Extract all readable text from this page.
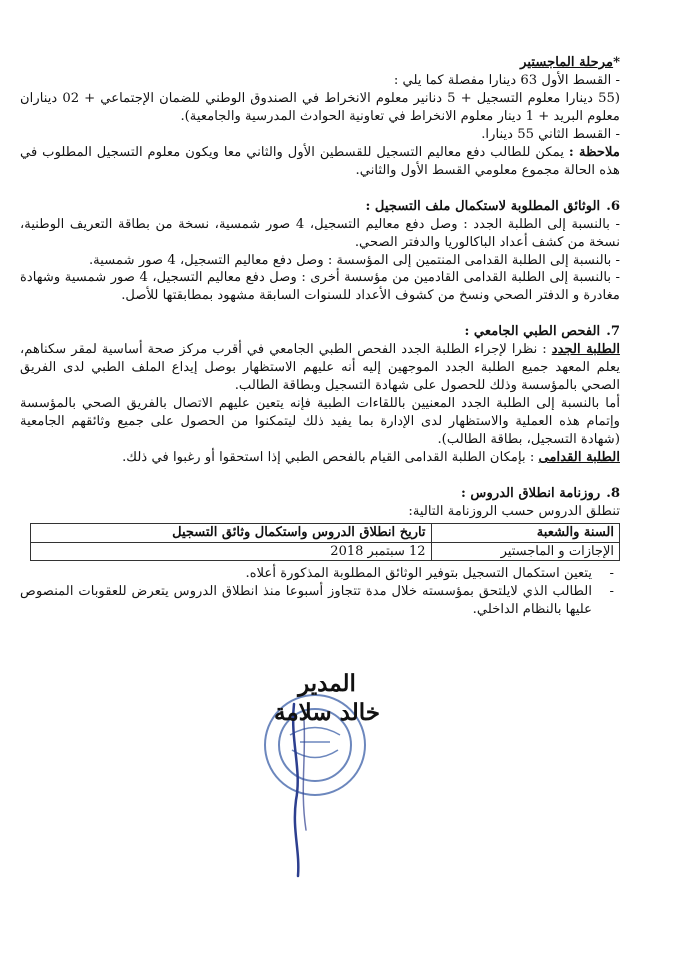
*مرحلة الماجستير

- القسط الأول 63 دينارا مفصلة كما يلي :

(55 دينارا معلوم التسجيل + 5 دنانير معلوم الانخراط في الصندوق الوطني للضمان الإجتماعي + 02 ديناران معلوم البريد + 1 دينار معلوم الانخراط في تعاونية الحوادث المدرسية والجامعية).

- القسط الثاني 55 دينارا.

ملاحظة : يمكن للطالب دفع معاليم التسجيل للقسطين الأول والثاني معا ويكون معلوم التسجيل المطلوب في هذه الحالة مجموع معلومي القسط الأول والثاني.

6.الوثائق المطلوبة لاستكمال ملف التسجيل :

- بالنسبة إلى الطلبة الجدد : وصل دفع معاليم التسجيل، 4 صور شمسية، نسخة من بطاقة التعريف الوطنية، نسخة من كشف أعداد الباكالوريا والدفتر الصحي.

- بالنسبة إلى الطلبة القدامى المنتمين إلى المؤسسة : وصل دفع معاليم التسجيل، 4 صور شمسية.

- بالنسبة إلى الطلبة القدامى القادمين من مؤسسة أخرى : وصل دفع معاليم التسجيل، 4 صور شمسية وشهادة مغادرة و الدفتر الصحي ونسخ من كشوف الأعداد للسنوات السابقة مشهود بمطابقتها للأصل.

7.الفحص الطبي الجامعي :

الطلبة الجدد : نظرا لإجراء الطلبة الجدد الفحص الطبي الجامعي في أقرب مركز صحة أساسية لمقر سكناهم، يعلم المعهد جميع الطلبة الجدد الموجهين إليه أنه عليهم الاستظهار بوصل إيداع الملف الطبي لدى الفريق الصحي بالمؤسسة وذلك للحصول على شهادة التسجيل وبطاقة الطالب.

أما بالنسبة إلى الطلبة الجدد المعنيين باللقاءات الطبية فإنه يتعين عليهم الاتصال بالفريق الصحي بالمؤسسة وإتمام هذه العملية والاستظهار لدى الإدارة بما يفيد ذلك ليتمكنوا من الحصول على جميع وثائقهم الجامعية (شهادة التسجيل، بطاقة الطالب).

الطلبة القدامى : بإمكان الطلبة القدامى القيام بالفحص الطبي إذا استحقوا أو رغبوا في ذلك.

8.روزنامة انطلاق الدروس :

تنطلق الدروس حسب الروزنامة التالية:

السنة والشعبة	تاريخ انطلاق الدروس واستكمال وثائق التسجيل
الإجازات و الماجستير	12 سبتمبر 2018

-
يتعين استكمال التسجيل بتوفير الوثائق المطلوبة المذكورة أعلاه.

-
الطالب الذي لايلتحق بمؤسسته خلال مدة تتجاوز أسبوعا منذ انطلاق الدروس يتعرض للعقوبات المنصوص عليها بالنظام الداخلي.

المدير
خالد سلامة
